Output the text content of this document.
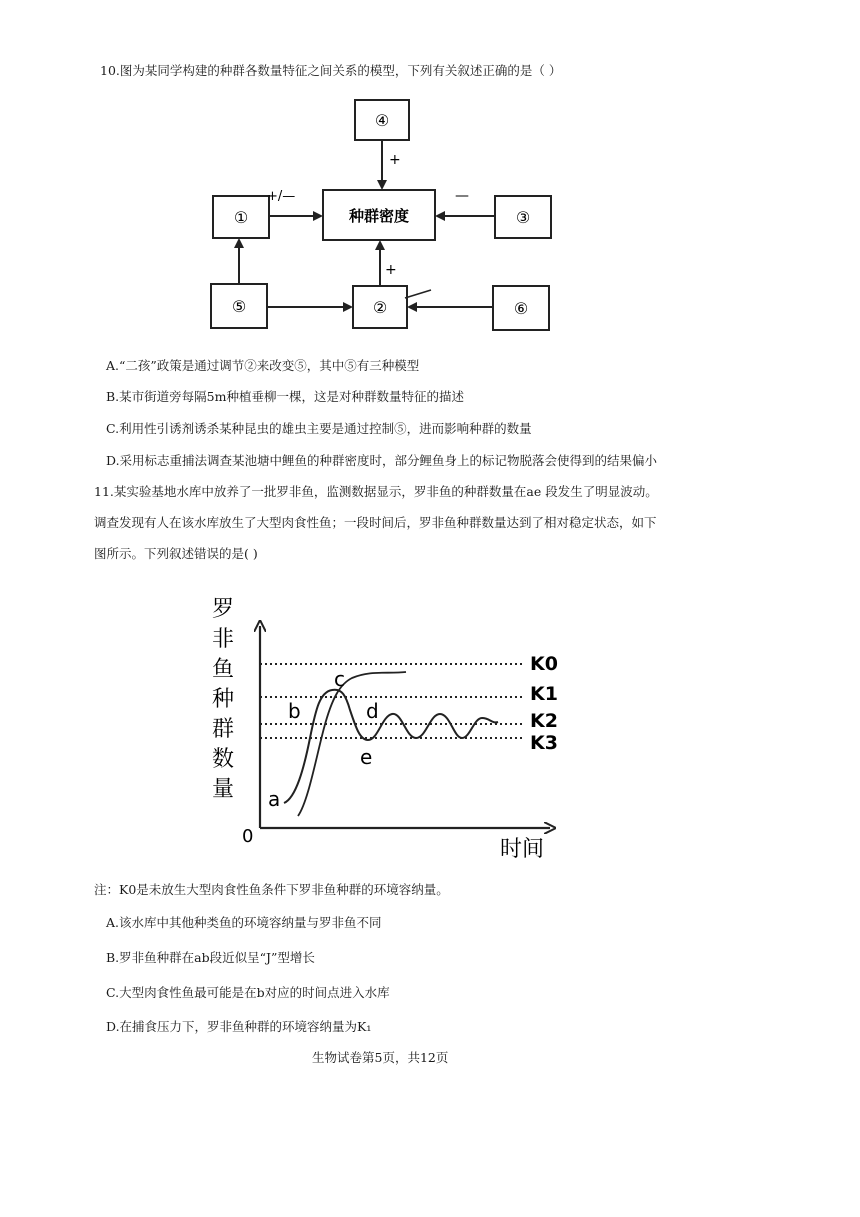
10.图为某同学构建的种群各数量特征之间关系的模型，下列有关叙述正确的是（ ）
④
种群密度
①	③
⑤	②	⑥
+
+/—	—
+
A.“二孩”政策是通过调节②来改变⑤，其中⑤有三种模型
B.某市街道旁每隔5m种植垂柳一棵，这是对种群数量特征的描述
C.利用性引诱剂诱杀某种昆虫的雄虫主要是通过控制⑤，进而影响种群的数量
D.采用标志重捕法调查某池塘中鲤鱼的种群密度时，部分鲤鱼身上的标记物脱落会使得到的结果偏小
11.某实验基地水库中放养了一批罗非鱼，监测数据显示，罗非鱼的种群数量在ae 段发生了明显波动。
调查发现有人在该水库放生了大型肉食性鱼；一段时间后，罗非鱼种群数量达到了相对稳定状态，如下
图所示。下列叙述错误的是( )
罗
非
鱼
种
群
数
量
0
时间
K0
K1
K2
K3
a
b
c
d
e
注：K0是未放生大型肉食性鱼条件下罗非鱼种群的环境容纳量。
A.该水库中其他种类鱼的环境容纳量与罗非鱼不同
B.罗非鱼种群在ab段近似呈“J”型增长
C.大型肉食性鱼最可能是在b对应的时间点进入水库
D.在捕食压力下，罗非鱼种群的环境容纳量为K₁
生物试卷第5页，共12页
